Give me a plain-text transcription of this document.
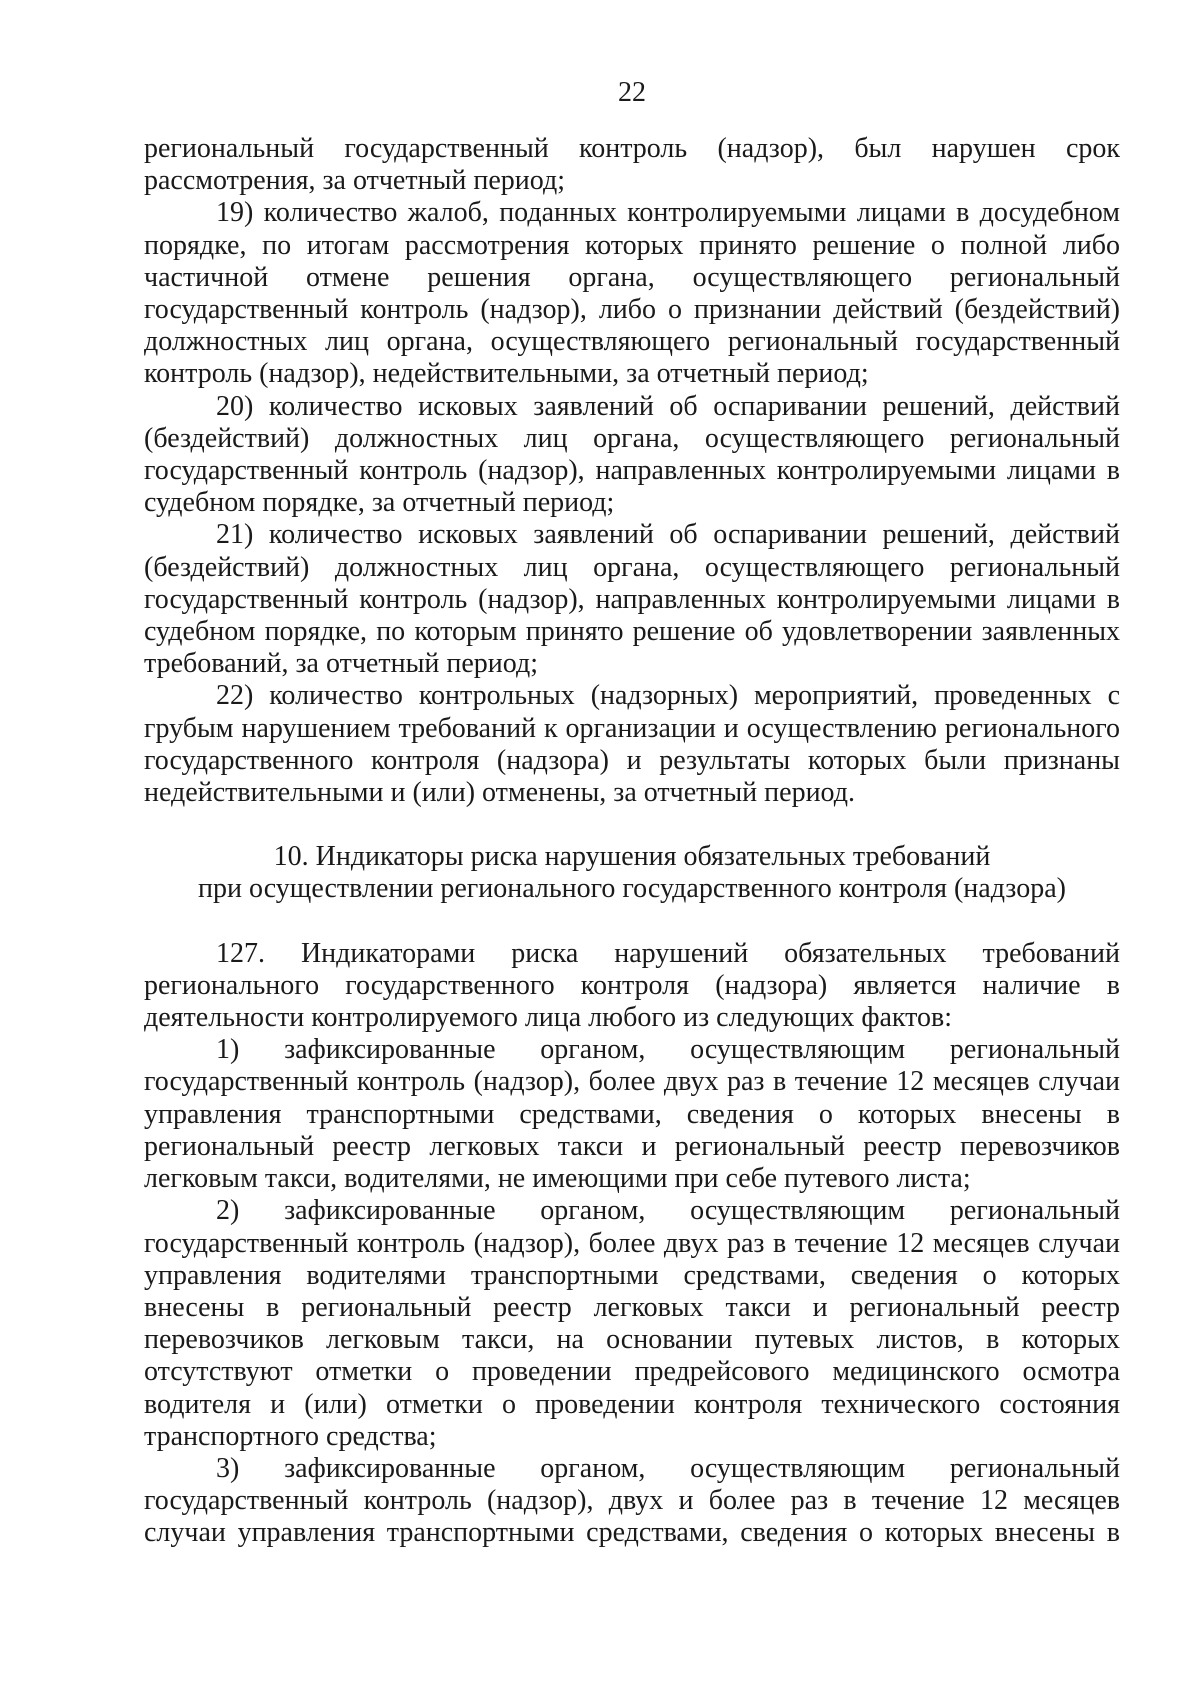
22

региональный государственный контроль (надзор), был нарушен срок рассмотрения, за отчетный период;

19) количество жалоб, поданных контролируемыми лицами в досудебном порядке, по итогам рассмотрения которых принято решение о полной либо частичной отмене решения органа, осуществляющего региональный государственный контроль (надзор), либо о признании действий (бездействий) должностных лиц органа, осуществляющего региональный государственный контроль (надзор), недействительными, за отчетный период;

20) количество исковых заявлений об оспаривании решений, действий (бездействий) должностных лиц органа, осуществляющего региональный государственный контроль (надзор), направленных контролируемыми лицами в судебном порядке, за отчетный период;

21) количество исковых заявлений об оспаривании решений, действий (бездействий) должностных лиц органа, осуществляющего региональный государственный контроль (надзор), направленных контролируемыми лицами в судебном порядке, по которым принято решение об удовлетворении заявленных требований, за отчетный период;

22) количество контрольных (надзорных) мероприятий, проведенных с грубым нарушением требований к организации и осуществлению регионального государственного контроля (надзора) и результаты которых были признаны недействительными и (или) отменены, за отчетный период.

10. Индикаторы риска нарушения обязательных требований
при осуществлении регионального государственного контроля (надзора)

127. Индикаторами риска нарушений обязательных требований регионального государственного контроля (надзора) является наличие в деятельности контролируемого лица любого из следующих фактов:

1) зафиксированные органом, осуществляющим региональный государственный контроль (надзор), более двух раз в течение 12 месяцев случаи управления транспортными средствами, сведения о которых внесены в региональный реестр легковых такси и региональный реестр перевозчиков легковым такси, водителями, не имеющими при себе путевого листа;

2) зафиксированные органом, осуществляющим региональный государственный контроль (надзор), более двух раз в течение 12 месяцев случаи управления водителями транспортными средствами, сведения о которых внесены в региональный реестр легковых такси и региональный реестр перевозчиков легковым такси, на основании путевых листов, в которых отсутствуют отметки о проведении предрейсового медицинского осмотра водителя и (или) отметки о проведении контроля технического состояния транспортного средства;

3) зафиксированные органом, осуществляющим региональный государственный контроль (надзор), двух и более раз в течение 12 месяцев случаи управления транспортными средствами, сведения о которых внесены в
